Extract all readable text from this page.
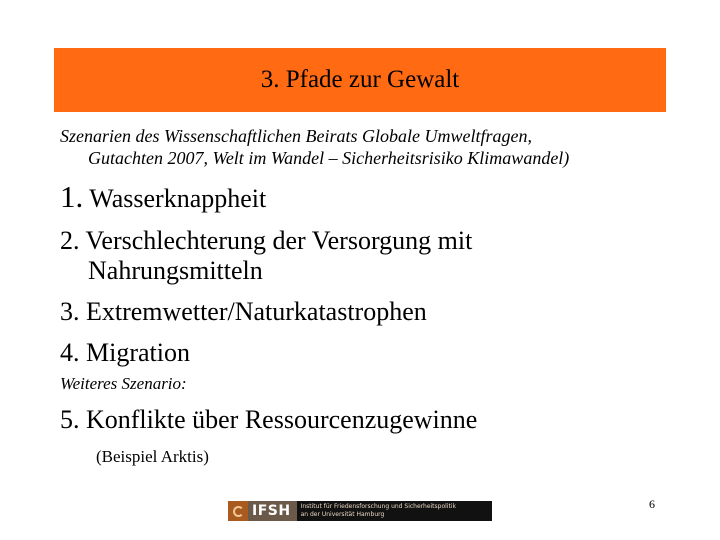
3. Pfade zur Gewalt
Szenarien des Wissenschaftlichen Beirats Globale Umweltfragen,
Gutachten 2007, Welt im Wandel – Sicherheitsrisiko Klimawandel)
1. Wasserknappheit
2. Verschlechterung der Versorgung mit
Nahrungsmitteln
3. Extremwetter/Naturkatastrophen
4. Migration
Weiteres Szenario:
5. Konflikte über Ressourcenzugewinne
(Beispiel Arktis)
IFSH	Institut für Friedensforschung und Sicherheitspolitik
an der Universität Hamburg
6
